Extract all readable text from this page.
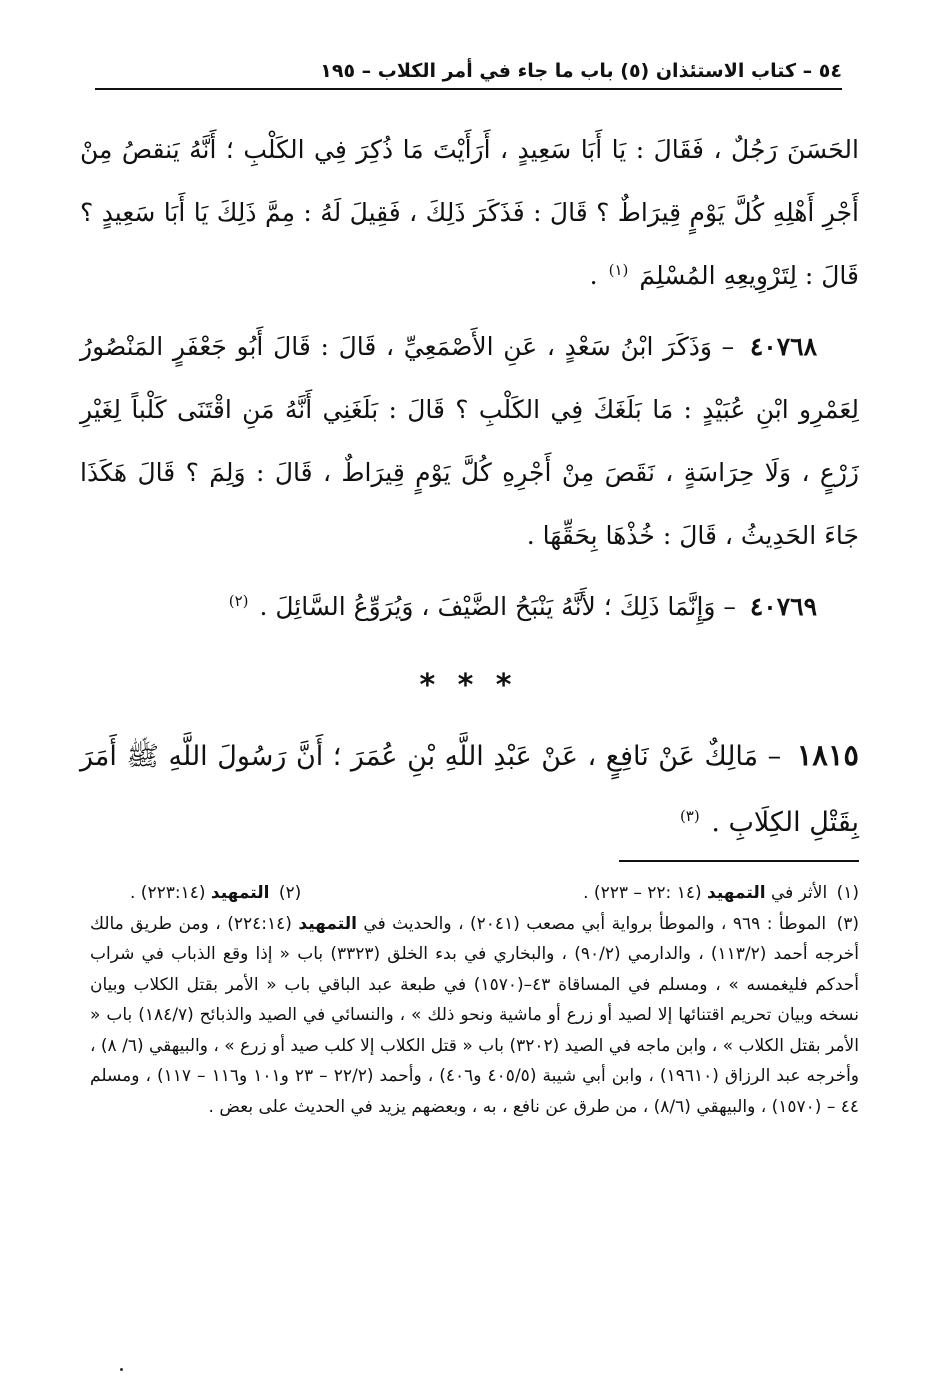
٥٤ – كتاب الاستئذان (٥) باب ما جاء في أمر الكلاب – ١٩٥

الحَسَنَ رَجُلٌ ، فَقَالَ : يَا أَبَا سَعِيدٍ ، أَرَأَيْتَ مَا ذُكِرَ فِي الكَلْبِ ؛ أَنَّهُ يَنقصُ مِنْ أَجْرِ أَهْلِهِ كُلَّ يَوْمٍ قِيرَاطٌ ؟ قَالَ : فَذَكَرَ ذَلِكَ ، فَقِيلَ لَهُ : مِمَّ ذَلِكَ يَا أَبَا سَعِيدٍ ؟ قَالَ : لِتَرْوِيعِهِ المُسْلِمَ $^{(١)}$ .

٤٠٧٦٨ – وَذَكَرَ ابْنُ سَعْدٍ ، عَنِ الأَصْمَعِيِّ ، قَالَ : قَالَ أَبُو جَعْفَرٍ المَنْصُورُ لِعَمْرِو ابْنِ عُبَيْدٍ : مَا بَلَغَكَ فِي الكَلْبِ ؟ قَالَ : بَلَغَنِي أَنَّهُ مَنِ اقْتَنَى كَلْباً لِغَيْرِ زَرْعٍ ، وَلَا حِرَاسَةٍ ، نَقَصَ مِنْ أَجْرِهِ كُلَّ يَوْمٍ قِيرَاطٌ ، قَالَ : وَلِمَ ؟ قَالَ هَكَذَا جَاءَ الحَدِيثُ ، قَالَ : خُذْهَا بِحَقِّهَا .

٤٠٧٦٩ – وَإِنَّمَا ذَلِكَ ؛ لأَنَّهُ يَنْبَحُ الضَّيْفَ ، وَيُرَوِّعُ السَّائِلَ . $^{(٢)}$

* * *
١٨١٥ – مَالِكٌ عَنْ نَافِعٍ ، عَنْ عَبْدِ اللَّهِ بْنِ عُمَرَ ؛ أَنَّ رَسُولَ اللَّهِ ﷺ أَمَرَ بِقَتْلِ الكِلَابِ . $^{(٣)}$

(١) الأثر في التمهيد (١٤ :٢٢ – ٢٢٣) .

(٢) التمهيد (٢٢٣:١٤) .

(٣) الموطأ : ٩٦٩ ، والموطأ برواية أبي مصعب (٢٠٤١) ، والحديث في التمهيد (٢٢٤:١٤) ، ومن طريق مالك أخرجه أحمد (١١٣/٢) ، والدارمي (٩٠/٢) ، والبخاري في بدء الخلق (٣٣٢٣) باب « إذا وقع الذباب في شراب أحدكم فليغمسه » ، ومسلم في المساقاة ٤٣–(١٥٧٠) في طبعة عبد الباقي باب « الأمر بقتل الكلاب وبيان نسخه وبيان تحريم اقتنائها إلا لصيد أو زرع أو ماشية ونحو ذلك » ، والنسائي في الصيد والذبائح (١٨٤/٧) باب « الأمر بقتل الكلاب » ، وابن ماجه في الصيد (٣٢٠٢) باب « قتل الكلاب إلا كلب صيد أو زرع » ، والبيهقي (٦/ ٨) ، وأخرجه عبد الرزاق (١٩٦١٠) ، وابن أبي شيبة (٤٠٥/٥ و٤٠٦) ، وأحمد (٢٢/٢ – ٢٣ و١٠١ و١١٦ – ١١٧) ، ومسلم ٤٤ – (١٥٧٠) ، والبيهقي (٨/٦) ، من طرق عن نافع ، به ، وبعضهم يزيد في الحديث على بعض .
